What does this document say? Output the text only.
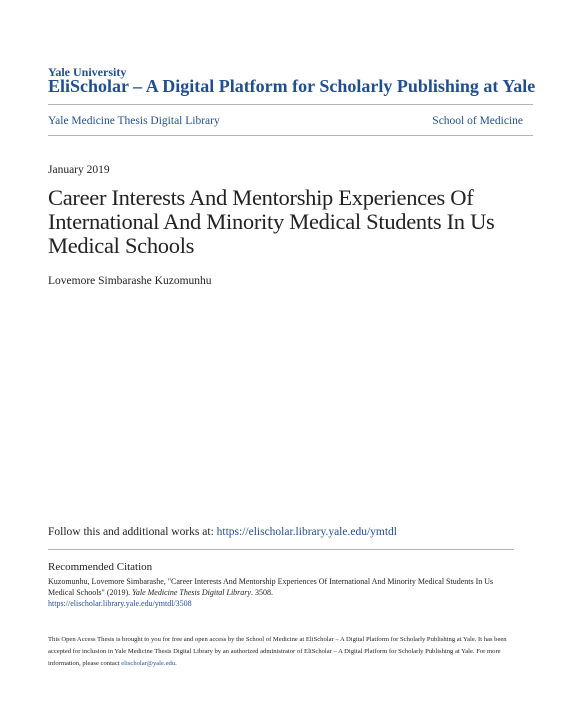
Yale University
EliScholar – A Digital Platform for Scholarly Publishing at Yale
Yale Medicine Thesis Digital Library	School of Medicine
January 2019
Career Interests And Mentorship Experiences Of International And Minority Medical Students In Us Medical Schools
Lovemore Simbarashe Kuzomunhu
Follow this and additional works at: https://elischolar.library.yale.edu/ymtdl
Recommended Citation
Kuzomunhu, Lovemore Simbarashe, "Career Interests And Mentorship Experiences Of International And Minority Medical Students In Us Medical Schools" (2019). Yale Medicine Thesis Digital Library. 3508.
https://elischolar.library.yale.edu/ymtdl/3508
This Open Access Thesis is brought to you for free and open access by the School of Medicine at EliScholar – A Digital Platform for Scholarly Publishing at Yale. It has been accepted for inclusion in Yale Medicine Thesis Digital Library by an authorized administrator of EliScholar – A Digital Platform for Scholarly Publishing at Yale. For more information, please contact elischolar@yale.edu.
